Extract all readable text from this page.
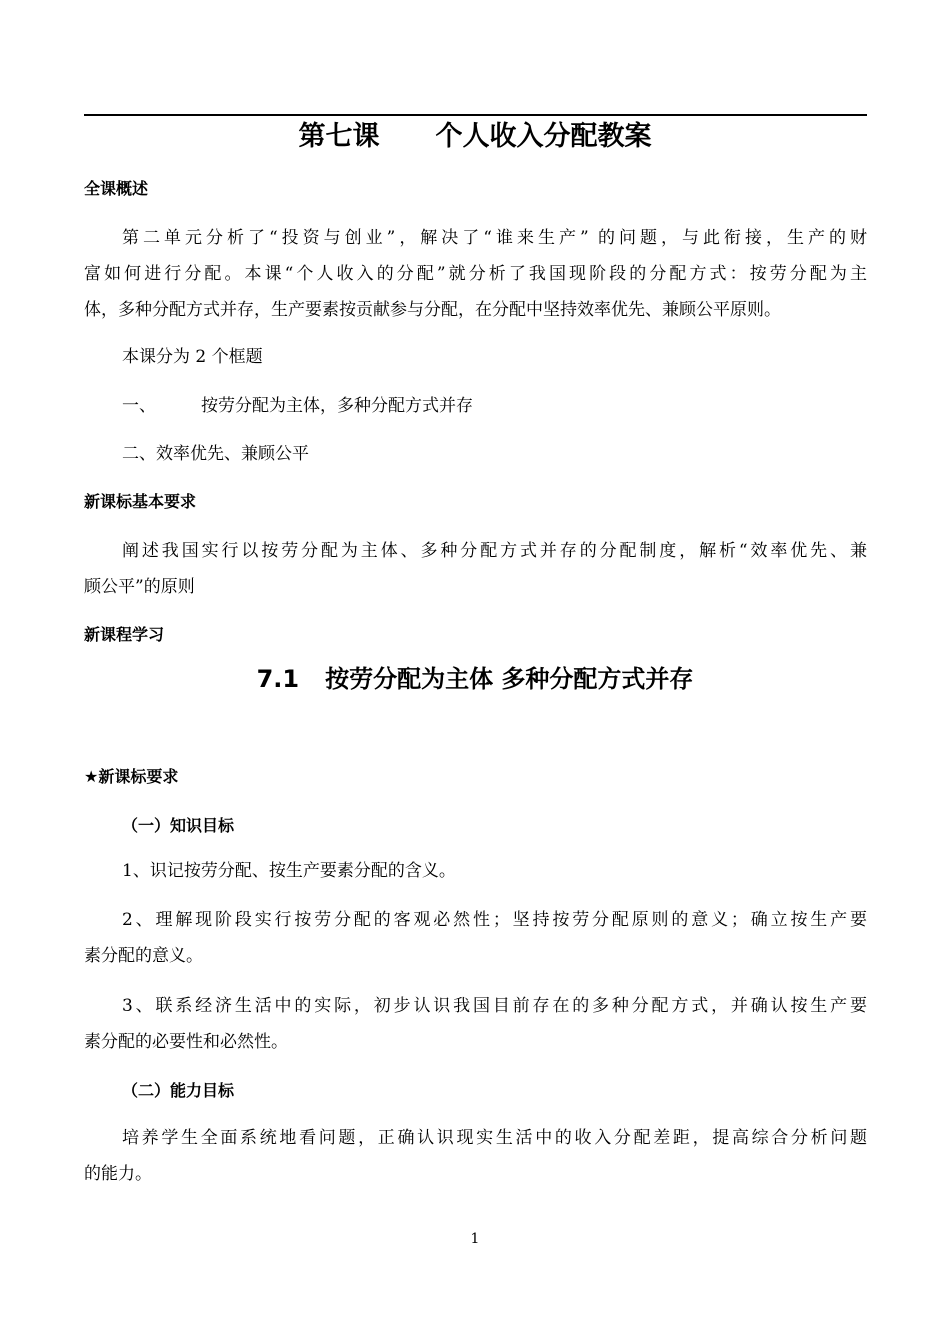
第七课 个人收入分配教案
全课概述
第二单元分析了“投资与创业”，解决了“谁来生产” 的问题，与此衔接，生产的财
富如何进行分配。本课“个人收入的分配”就分析了我国现阶段的分配方式：按劳分配为主
体，多种分配方式并存，生产要素按贡献参与分配，在分配中坚持效率优先、兼顾公平原则。
本课分为 2 个框题
一、	按劳分配为主体，多种分配方式并存
二、效率优先、兼顾公平
新课标基本要求
阐述我国实行以按劳分配为主体、多种分配方式并存的分配制度，解析“效率优先、兼
顾公平”的原则
新课程学习
7.1 按劳分配为主体 多种分配方式并存
★新课标要求
（一）知识目标
1、识记按劳分配、按生产要素分配的含义。
2、理解现阶段实行按劳分配的客观必然性；坚持按劳分配原则的意义；确立按生产要
素分配的意义。
3、联系经济生活中的实际，初步认识我国目前存在的多种分配方式，并确认按生产要
素分配的必要性和必然性。
（二）能力目标
培养学生全面系统地看问题，正确认识现实生活中的收入分配差距，提高综合分析问题
的能力。
1
